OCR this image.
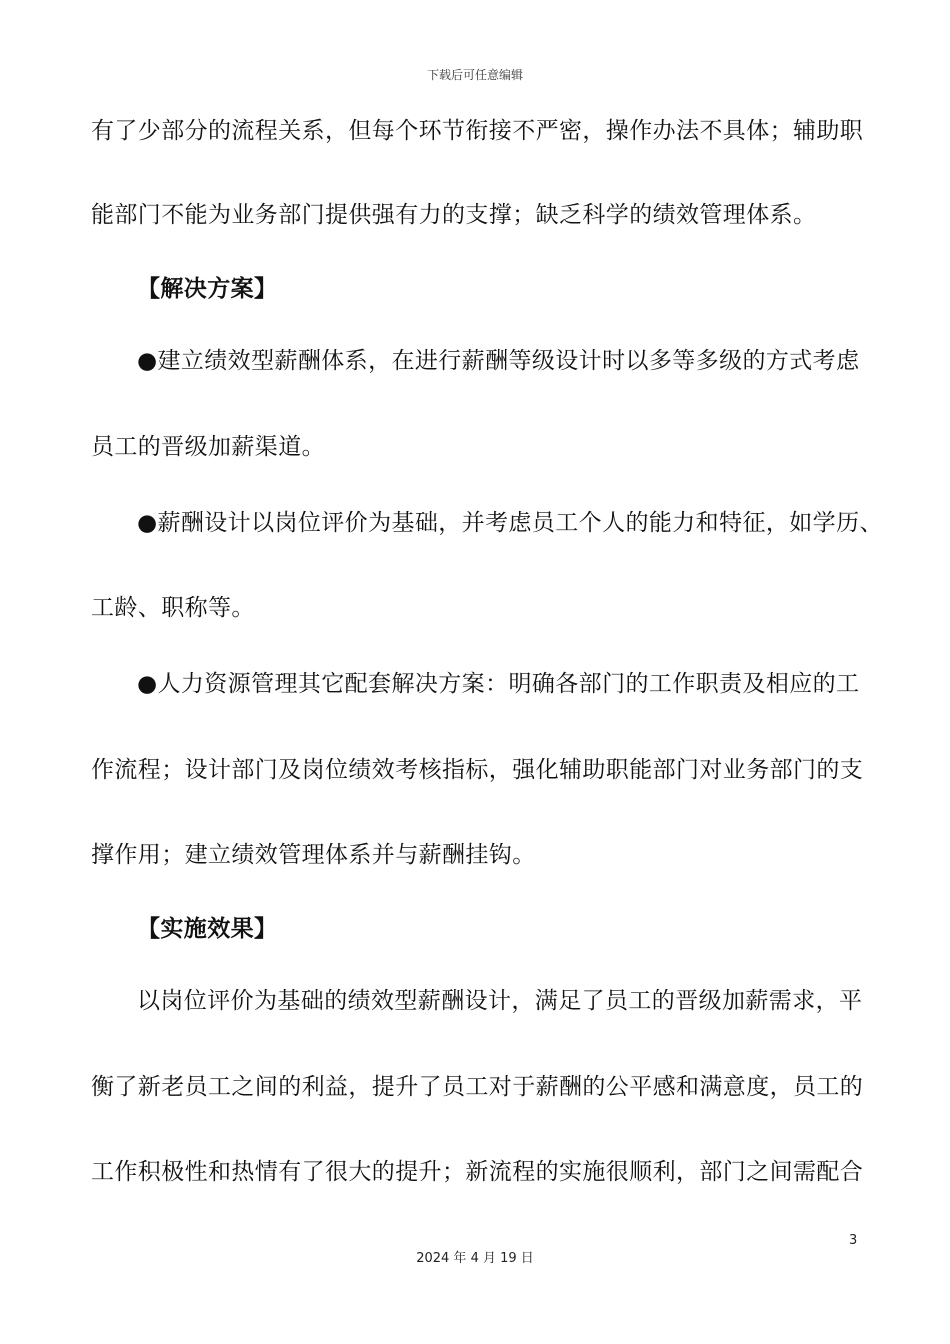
下载后可任意编辑
有了少部分的流程关系，但每个环节衔接不严密，操作办法不具体；辅助职
能部门不能为业务部门提供强有力的支撑；缺乏科学的绩效管理体系。
【解决方案】
●建立绩效型薪酬体系，在进行薪酬等级设计时以多等多级的方式考虑
员工的晋级加薪渠道。
●薪酬设计以岗位评价为基础，并考虑员工个人的能力和特征，如学历、
工龄、职称等。
●人力资源管理其它配套解决方案：明确各部门的工作职责及相应的工
作流程；设计部门及岗位绩效考核指标，强化辅助职能部门对业务部门的支
撑作用；建立绩效管理体系并与薪酬挂钩。
【实施效果】
以岗位评价为基础的绩效型薪酬设计，满足了员工的晋级加薪需求，平
衡了新老员工之间的利益，提升了员工对于薪酬的公平感和满意度，员工的
工作积极性和热情有了很大的提升；新流程的实施很顺利，部门之间需配合
3
2024 年 4 月 19 日
